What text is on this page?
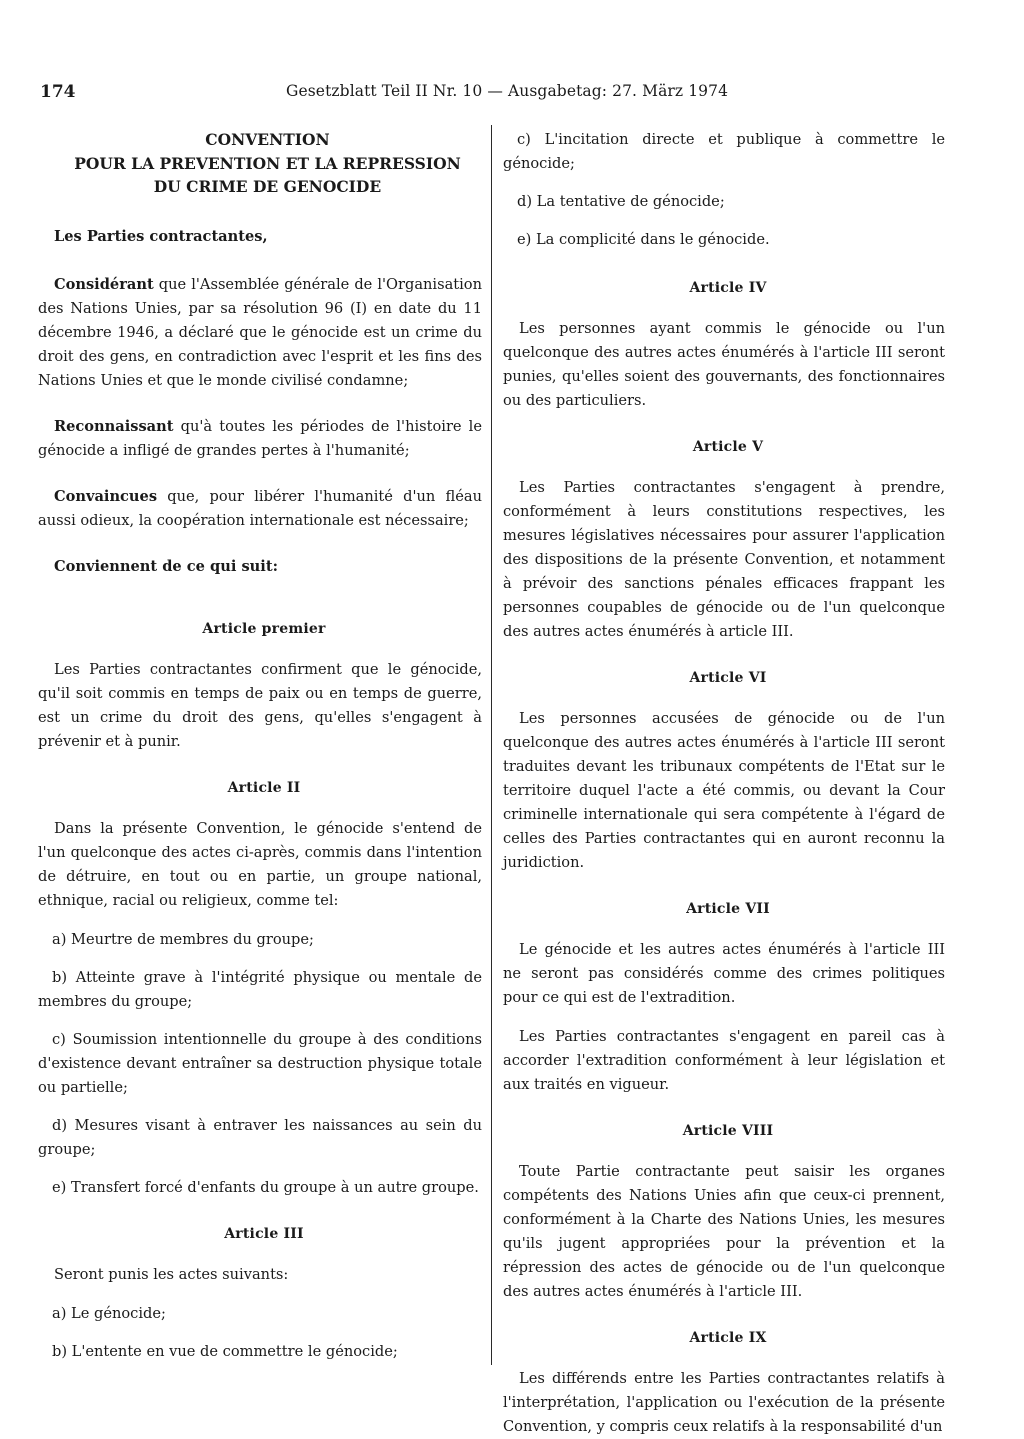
174	Gesetzblatt Teil II Nr. 10 — Ausgabetag: 27. März 1974
CONVENTION
POUR LA PREVENTION ET LA REPRESSION
DU CRIME DE GENOCIDE

Les Parties contractantes,

Considérant que l'Assemblée générale de l'Organisation des Nations Unies, par sa résolution 96 (I) en date du 11 décembre 1946, a déclaré que le génocide est un crime du droit des gens, en contradiction avec l'esprit et les fins des Nations Unies et que le monde civilisé condamne;

Reconnaissant qu'à toutes les périodes de l'histoire le génocide a infligé de grandes pertes à l'humanité;

Convaincues que, pour libérer l'humanité d'un fléau aussi odieux, la coopération internationale est nécessaire;

Conviennent de ce qui suit:

Article premier

Les Parties contractantes confirment que le génocide, qu'il soit commis en temps de paix ou en temps de guerre, est un crime du droit des gens, qu'elles s'engagent à prévenir et à punir.

Article II

Dans la présente Convention, le génocide s'entend de l'un quelconque des actes ci-après, commis dans l'intention de détruire, en tout ou en partie, un groupe national, ethnique, racial ou religieux, comme tel:

a) Meurtre de membres du groupe;

b) Atteinte grave à l'intégrité physique ou mentale de membres du groupe;

c) Soumission intentionnelle du groupe à des conditions d'existence devant entraîner sa destruction physique totale ou partielle;

d) Mesures visant à entraver les naissances au sein du groupe;

e) Transfert forcé d'enfants du groupe à un autre groupe.

Article III

Seront punis les actes suivants:

a) Le génocide;

b) L'entente en vue de commettre le génocide;

c) L'incitation directe et publique à commettre le génocide;

d) La tentative de génocide;

e) La complicité dans le génocide.

Article IV

Les personnes ayant commis le génocide ou l'un quelconque des autres actes énumérés à l'article III seront punies, qu'elles soient des gouvernants, des fonctionnaires ou des particuliers.

Article V

Les Parties contractantes s'engagent à prendre, conformément à leurs constitutions respectives, les mesures législatives nécessaires pour assurer l'application des dispositions de la présente Convention, et notamment à prévoir des sanctions pénales efficaces frappant les personnes coupables de génocide ou de l'un quelconque des autres actes énumérés à article III.

Article VI

Les personnes accusées de génocide ou de l'un quelconque des autres actes énumérés à l'article III seront traduites devant les tribunaux compétents de l'Etat sur le territoire duquel l'acte a été commis, ou devant la Cour criminelle internationale qui sera compétente à l'égard de celles des Parties contractantes qui en auront reconnu la juridiction.

Article VII

Le génocide et les autres actes énumérés à l'article III ne seront pas considérés comme des crimes politiques pour ce qui est de l'extradition.

Les Parties contractantes s'engagent en pareil cas à accorder l'extradition conformément à leur législation et aux traités en vigueur.

Article VIII

Toute Partie contractante peut saisir les organes compétents des Nations Unies afin que ceux-ci prennent, conformément à la Charte des Nations Unies, les mesures qu'ils jugent appropriées pour la prévention et la répression des actes de génocide ou de l'un quelconque des autres actes énumérés à l'article III.

Article IX

Les différends entre les Parties contractantes relatifs à l'interprétation, l'application ou l'exécution de la présente Convention, y compris ceux relatifs à la responsabilité d'un
